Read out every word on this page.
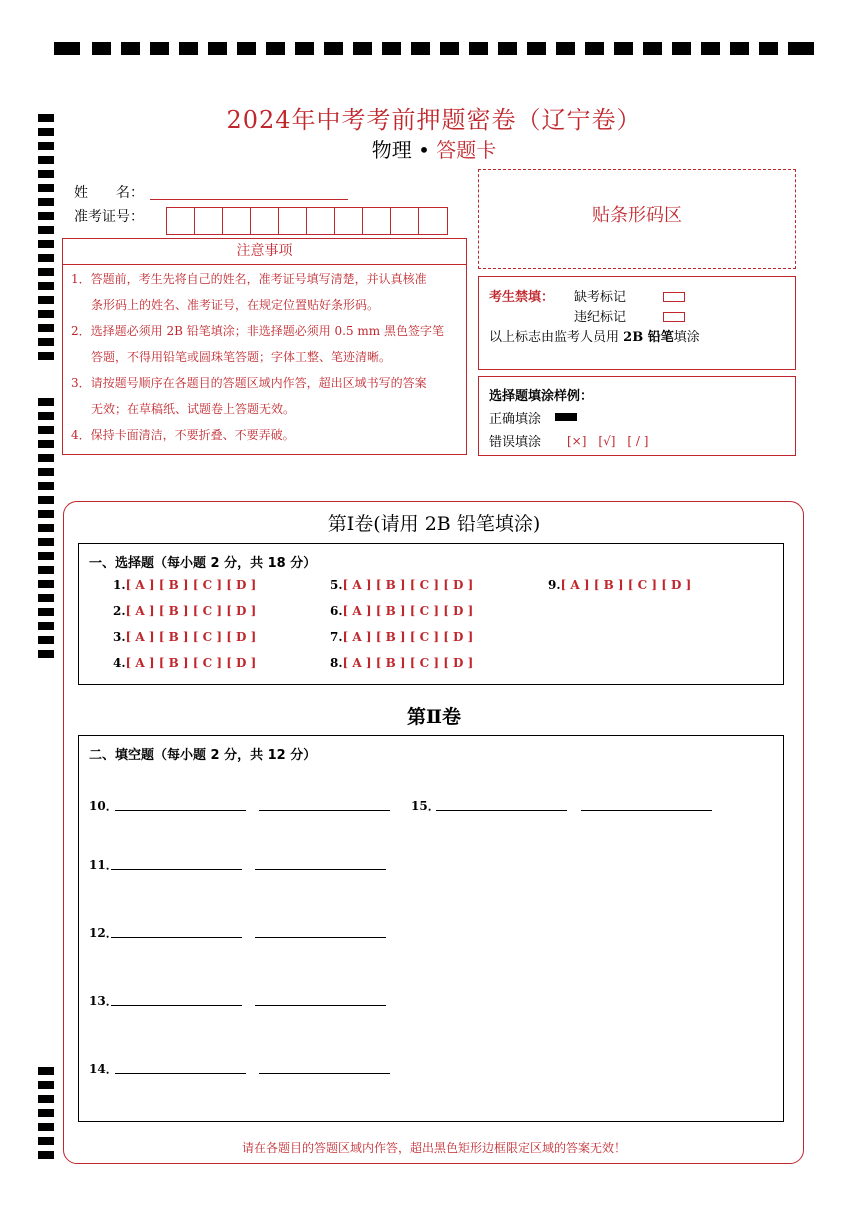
2024年中考考前押题密卷（辽宁卷）
物理 • 答题卡
姓　　名：
准考证号：
注意事项
1．答题前，考生先将自己的姓名，准考证号填写清楚，并认真核准
条形码上的姓名、准考证号，在规定位置贴好条形码。
2．选择题必须用 2B 铅笔填涂；非选择题必须用 0.5 mm 黑色签字笔
答题，不得用铅笔或圆珠笔答题；字体工整、笔迹清晰。
3．请按题号顺序在各题目的答题区域内作答，超出区域书写的答案
无效；在草稿纸、试题卷上答题无效。
4．保持卡面清洁，不要折叠、不要弄破。
贴条形码区
考生禁填： 缺考标记
违纪标记
以上标志由监考人员用 2B 铅笔填涂
选择题填涂样例：
正确填涂
错误填涂 [×]　[√]　[ / ]
第Ⅰ卷(请用 2B 铅笔填涂)
一、选择题（每小题 2 分，共 18 分）
1.[ A ] [ B ] [ C ] [ D ]
2.[ A ] [ B ] [ C ] [ D ]
3.[ A ] [ B ] [ C ] [ D ]
4.[ A ] [ B ] [ C ] [ D ]
5.[ A ] [ B ] [ C ] [ D ]
6.[ A ] [ B ] [ C ] [ D ]
7.[ A ] [ B ] [ C ] [ D ]
8.[ A ] [ B ] [ C ] [ D ]
9.[ A ] [ B ] [ C ] [ D ]
第Ⅱ卷
二、填空题（每小题 2 分，共 12 分）
10．	15．
11．
12．
13．
14．
请在各题目的答题区域内作答，超出黑色矩形边框限定区域的答案无效！
